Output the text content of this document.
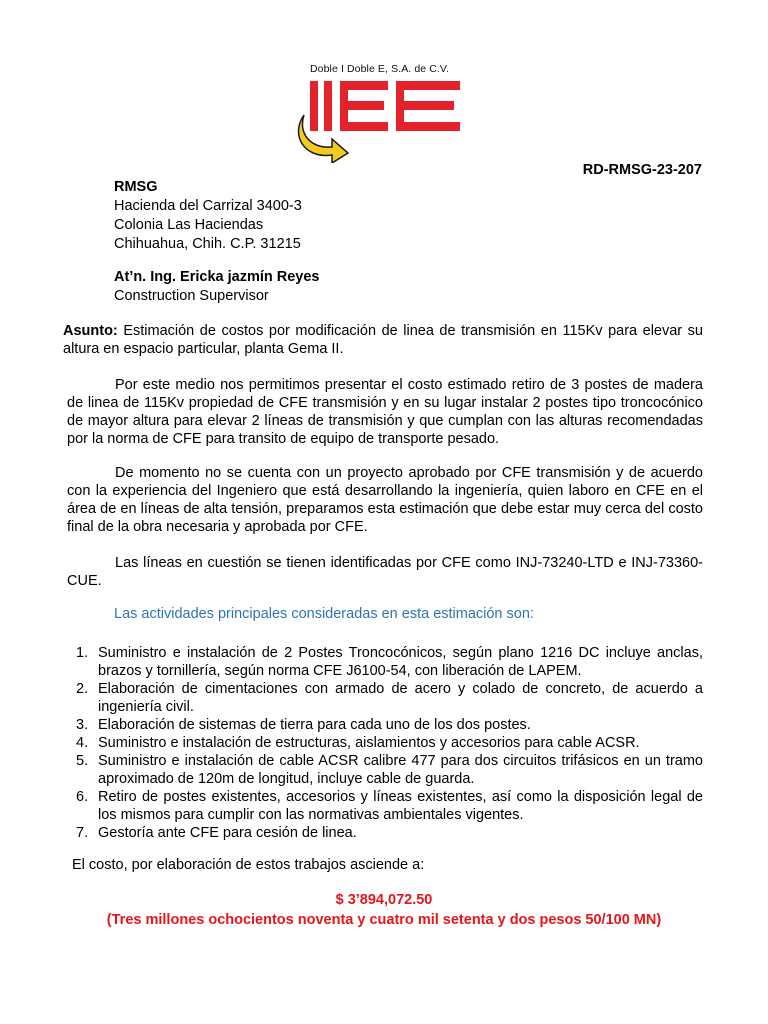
Doble I Doble E, S.A. de C.V.
RD-RMSG-23-207
RMSG
Hacienda del Carrizal 3400-3
Colonia Las Haciendas
Chihuahua, Chih. C.P. 31215
At’n. Ing. Ericka jazmín Reyes
Construction Supervisor
Asunto: Estimación de costos por modificación de linea de transmisión en 115Kv para elevar su altura en espacio particular, planta Gema II.
Por este medio nos permitimos presentar el costo estimado retiro de 3 postes de madera de linea de 115Kv propiedad de CFE transmisión y en su lugar instalar 2 postes tipo troncocónico de mayor altura para elevar 2 líneas de transmisión y que cumplan con las alturas recomendadas por la norma de CFE para transito de equipo de transporte pesado.
De momento no se cuenta con un proyecto aprobado por CFE transmisión y de acuerdo con la experiencia del Ingeniero que está desarrollando la ingeniería, quien laboro en CFE en el área de en líneas de alta tensión, preparamos esta estimación que debe estar muy cerca del costo final de la obra necesaria y aprobada por CFE.
Las líneas en cuestión se tienen identificadas por CFE como INJ-73240-LTD e INJ-73360-CUE.
Las actividades principales consideradas en esta estimación son:
1. Suministro e instalación de 2 Postes Troncocónicos, según plano 1216 DC incluye anclas, brazos y tornillería, según norma CFE J6100-54, con liberación de LAPEM.
2. Elaboración de cimentaciones con armado de acero y colado de concreto, de acuerdo a ingeniería civil.
3. Elaboración de sistemas de tierra para cada uno de los dos postes.
4. Suministro e instalación de estructuras, aislamientos y accesorios para cable ACSR.
5. Suministro e instalación de cable ACSR calibre 477 para dos circuitos trifásicos en un tramo aproximado de 120m de longitud, incluye cable de guarda.
6. Retiro de postes existentes, accesorios y líneas existentes, así como la disposición legal de los mismos para cumplir con las normativas ambientales vigentes.
7. Gestoría ante CFE para cesión de linea.
El costo, por elaboración de estos trabajos asciende a:
$ 3’894,072.50
(Tres millones ochocientos noventa y cuatro mil setenta y dos pesos 50/100 MN)
